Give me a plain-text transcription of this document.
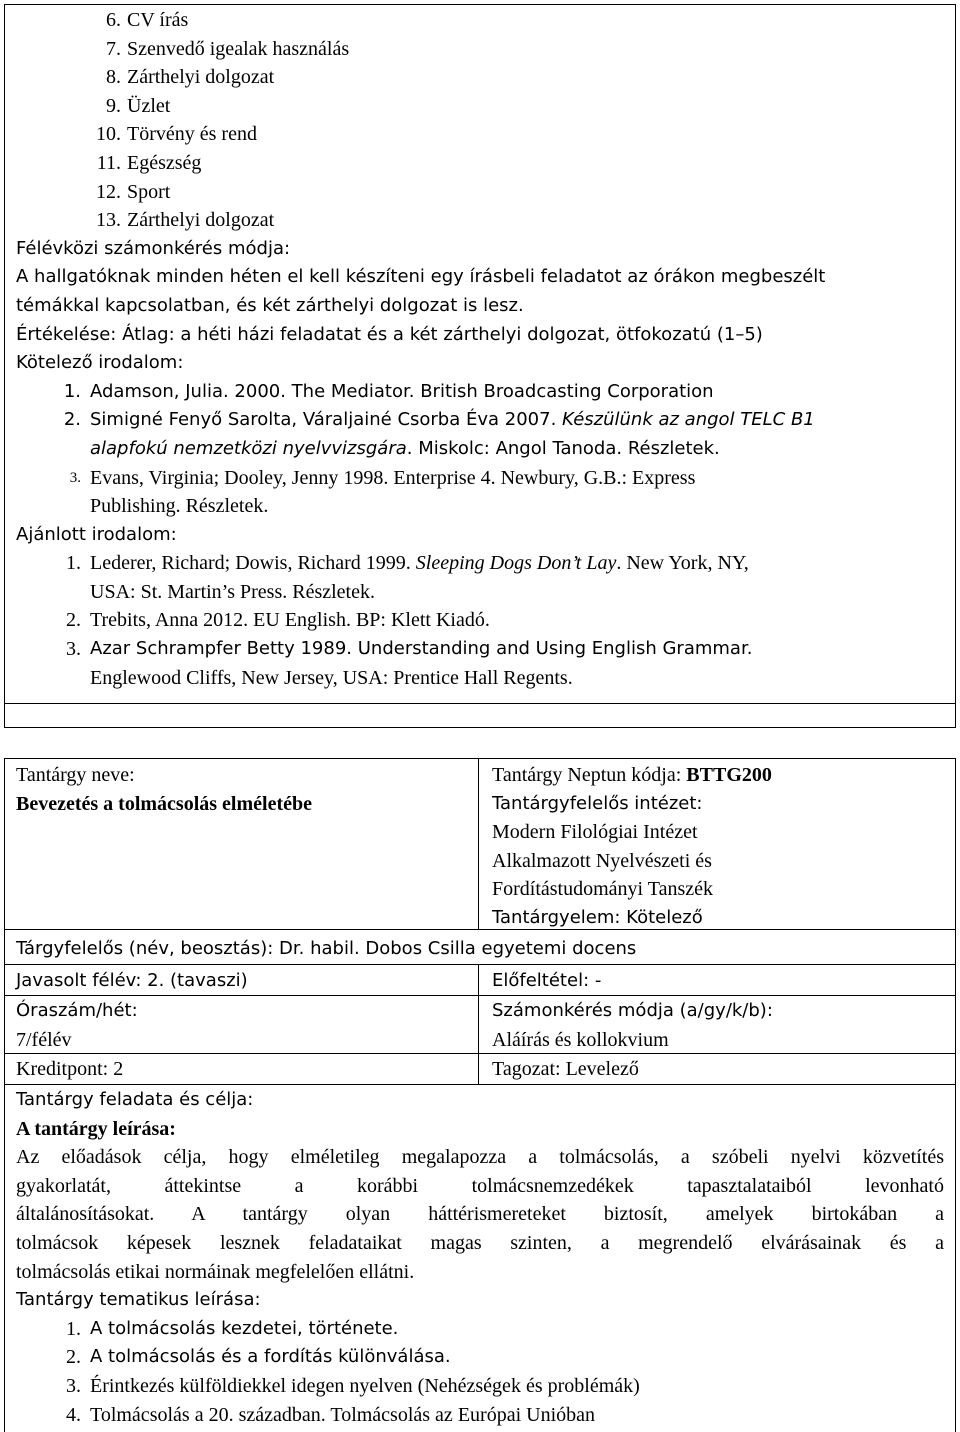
6. CV írás
7. Szenvedő igealak használás
8. Zárthelyi dolgozat
9. Üzlet
10. Törvény és rend
11. Egészség
12. Sport
13. Zárthelyi dolgozat
Félévközi számonkérés módja:
A hallgatóknak minden héten el kell készíteni egy írásbeli feladatot az órákon megbeszélt
témákkal kapcsolatban, és két zárthelyi dolgozat is lesz.
Értékelése: Átlag: a héti házi feladatat és a két zárthelyi dolgozat, ötfokozatú (1–5)
Kötelező irodalom:
1. Adamson, Julia. 2000. The Mediator. British Broadcasting Corporation
2. Simigné Fenyő Sarolta, Váraljainé Csorba Éva 2007. Készülünk az angol TELC B1
alapfokú nemzetközi nyelvvizsgára. Miskolc: Angol Tanoda. Részletek.
3. Evans, Virginia; Dooley, Jenny 1998. Enterprise 4. Newbury, G.B.: Express
Publishing. Részletek.
Ajánlott irodalom:
1. Lederer, Richard; Dowis, Richard 1999. Sleeping Dogs Don’t Lay. New York, NY,
USA: St. Martin’s Press. Részletek.
2. Trebits, Anna 2012. EU English. BP: Klett Kiadó.
3. Azar Schrampfer Betty 1989. Understanding and Using English Grammar.
Englewood Cliffs, New Jersey, USA: Prentice Hall Regents.
Tantárgy neve:
Bevezetés a tolmácsolás elméletébe
Tantárgy Neptun kódja: BTTG200
Tantárgyfelelős intézet:
Modern Filológiai Intézet
Alkalmazott Nyelvészeti és
Fordítástudományi Tanszék
Tantárgyelem: Kötelező
Tárgyfelelős (név, beosztás): Dr. habil. Dobos Csilla egyetemi docens
Javasolt félév: 2. (tavaszi)	Előfeltétel: -
Óraszám/hét:
7/félév
Számonkérés módja (a/gy/k/b):
Aláírás és kollokvium
Kreditpont: 2	Tagozat: Levelező
Tantárgy feladata és célja:
A tantárgy leírása:
Az előadások célja, hogy elméletileg megalapozza a tolmácsolás, a szóbeli nyelvi közvetítés
gyakorlatát, áttekintse a korábbi tolmácsnemzedékek tapasztalataiból levonható
általánosításokat. A tantárgy olyan háttérismereteket biztosít, amelyek birtokában a
tolmácsok képesek lesznek feladataikat magas szinten, a megrendelő elvárásainak és a
tolmácsolás etikai normáinak megfelelően ellátni.
Tantárgy tematikus leírása:
1. A tolmácsolás kezdetei, története.
2. A tolmácsolás és a fordítás különválása.
3. Érintkezés külföldiekkel idegen nyelven (Nehézségek és problémák)
4. Tolmácsolás a 20. században. Tolmácsolás az Európai Unióban
